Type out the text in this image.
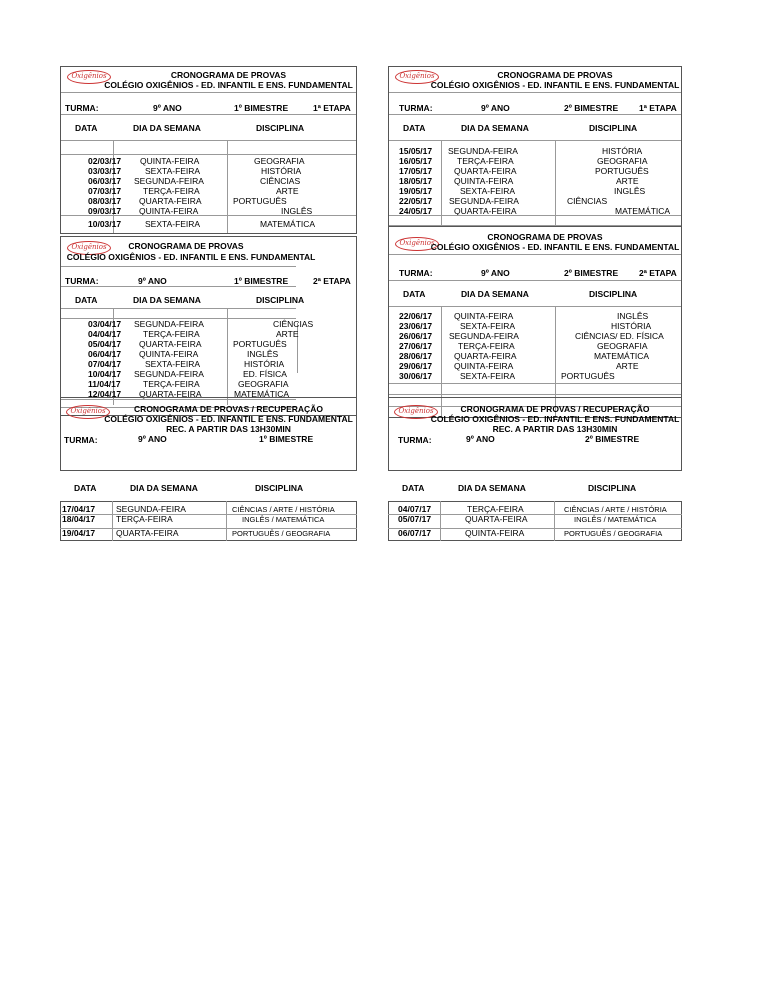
Oxigênios	CRONOGRAMA DE PROVAS
COLÉGIO OXIGÊNIOS - ED. INFANTIL E ENS. FUNDAMENTAL
TURMA:	9º ANO	1º BIMESTRE	1ª ETAPA
DATA	DIA DA SEMANA	DISCIPLINA
02/03/17 QUINTA-FEIRA	GEOGRAFIA
03/03/17	SEXTA-FEIRA	HISTÓRIA
06/03/17 SEGUNDA-FEIRA	CIÊNCIAS
07/03/17	TERÇA-FEIRA	ARTE
08/03/17 QUARTA-FEIRA	PORTUGUÊS
09/03/17 QUINTA-FEIRA	INGLÊS
10/03/17	SEXTA-FEIRA	MATEMÁTICA
Oxigênios	CRONOGRAMA DE PROVAS
COLÉGIO OXIGÊNIOS - ED. INFANTIL E ENS. FUNDAMENTAL
TURMA:	9º ANO	1º BIMESTRE	2ª ETAPA
DATA	DIA DA SEMANA	DISCIPLINA
03/04/17 SEGUNDA-FEIRA	CIÊNCIAS
04/04/17	TERÇA-FEIRA	ARTE
05/04/17 QUARTA-FEIRA	PORTUGUÊS
06/04/17 QUINTA-FEIRA	INGLÊS
07/04/17	SEXTA-FEIRA	HISTÓRIA
10/04/17 SEGUNDA-FEIRA	ED. FÍSICA
11/04/17	TERÇA-FEIRA	GEOGRAFIA
12/04/17 QUARTA-FEIRA	MATEMÁTICA
Oxigênios	CRONOGRAMA DE PROVAS / RECUPERAÇÃO
COLÉGIO OXIGÊNIOS - ED. INFANTIL E ENS. FUNDAMENTAL
REC. A PARTIR DAS 13H30MIN
TURMA:	9º ANO	1º BIMESTRE
DATA	DIA DA SEMANA	DISCIPLINA
17/04/17 SEGUNDA-FEIRA	CIÊNCIAS / ARTE / HISTÓRIA
18/04/17 TERÇA-FEIRA	INGLÊS / MATEMÁTICA
19/04/17 QUARTA-FEIRA	PORTUGUÊS / GEOGRAFIA
Oxigênios	CRONOGRAMA DE PROVAS
COLÉGIO OXIGÊNIOS - ED. INFANTIL E ENS. FUNDAMENTAL
TURMA:	9º ANO	2º BIMESTRE 1ª ETAPA
DATA	DIA DA SEMANA	DISCIPLINA
15/05/17 SEGUNDA-FEIRA	HISTÓRIA
16/05/17	TERÇA-FEIRA	GEOGRAFIA
17/05/17	QUARTA-FEIRA	PORTUGUÊS
18/05/17	QUINTA-FEIRA	ARTE
19/05/17	SEXTA-FEIRA	INGLÊS
22/05/17 SEGUNDA-FEIRA	CIÊNCIAS
24/05/17	QUARTA-FEIRA	MATEMÁTICA
Oxigênios
CRONOGRAMA DE PROVAS
COLÉGIO OXIGÊNIOS - ED. INFANTIL E ENS. FUNDAMENTAL
TURMA:	9º ANO	2º BIMESTRE 2ª ETAPA
DATA	DIA DA SEMANA	DISCIPLINA
22/06/17	QUINTA-FEIRA	INGLÊS
23/06/17	SEXTA-FEIRA	HISTÓRIA
26/06/17 SEGUNDA-FEIRA	CIÊNCIAS/ ED. FÍSICA
27/06/17	TERÇA-FEIRA	GEOGRAFIA
28/06/17	QUARTA-FEIRA	MATEMÁTICA
29/06/17	QUINTA-FEIRA	ARTE
30/06/17	SEXTA-FEIRA	PORTUGUÊS
Oxigênios	CRONOGRAMA DE PROVAS / RECUPERAÇÃO
COLÉGIO OXIGÊNIOS - ED. INFANTIL E ENS. FUNDAMENTAL
REC. A PARTIR DAS 13H30MIN
TURMA:	9º ANO	2º BIMESTRE
DATA	DIA DA SEMANA	DISCIPLINA
04/07/17	TERÇA-FEIRA	CIÊNCIAS / ARTE / HISTÓRIA
05/07/17	QUARTA-FEIRA	INGLÊS / MATEMÁTICA
06/07/17	QUINTA-FEIRA	PORTUGUÊS / GEOGRAFIA
